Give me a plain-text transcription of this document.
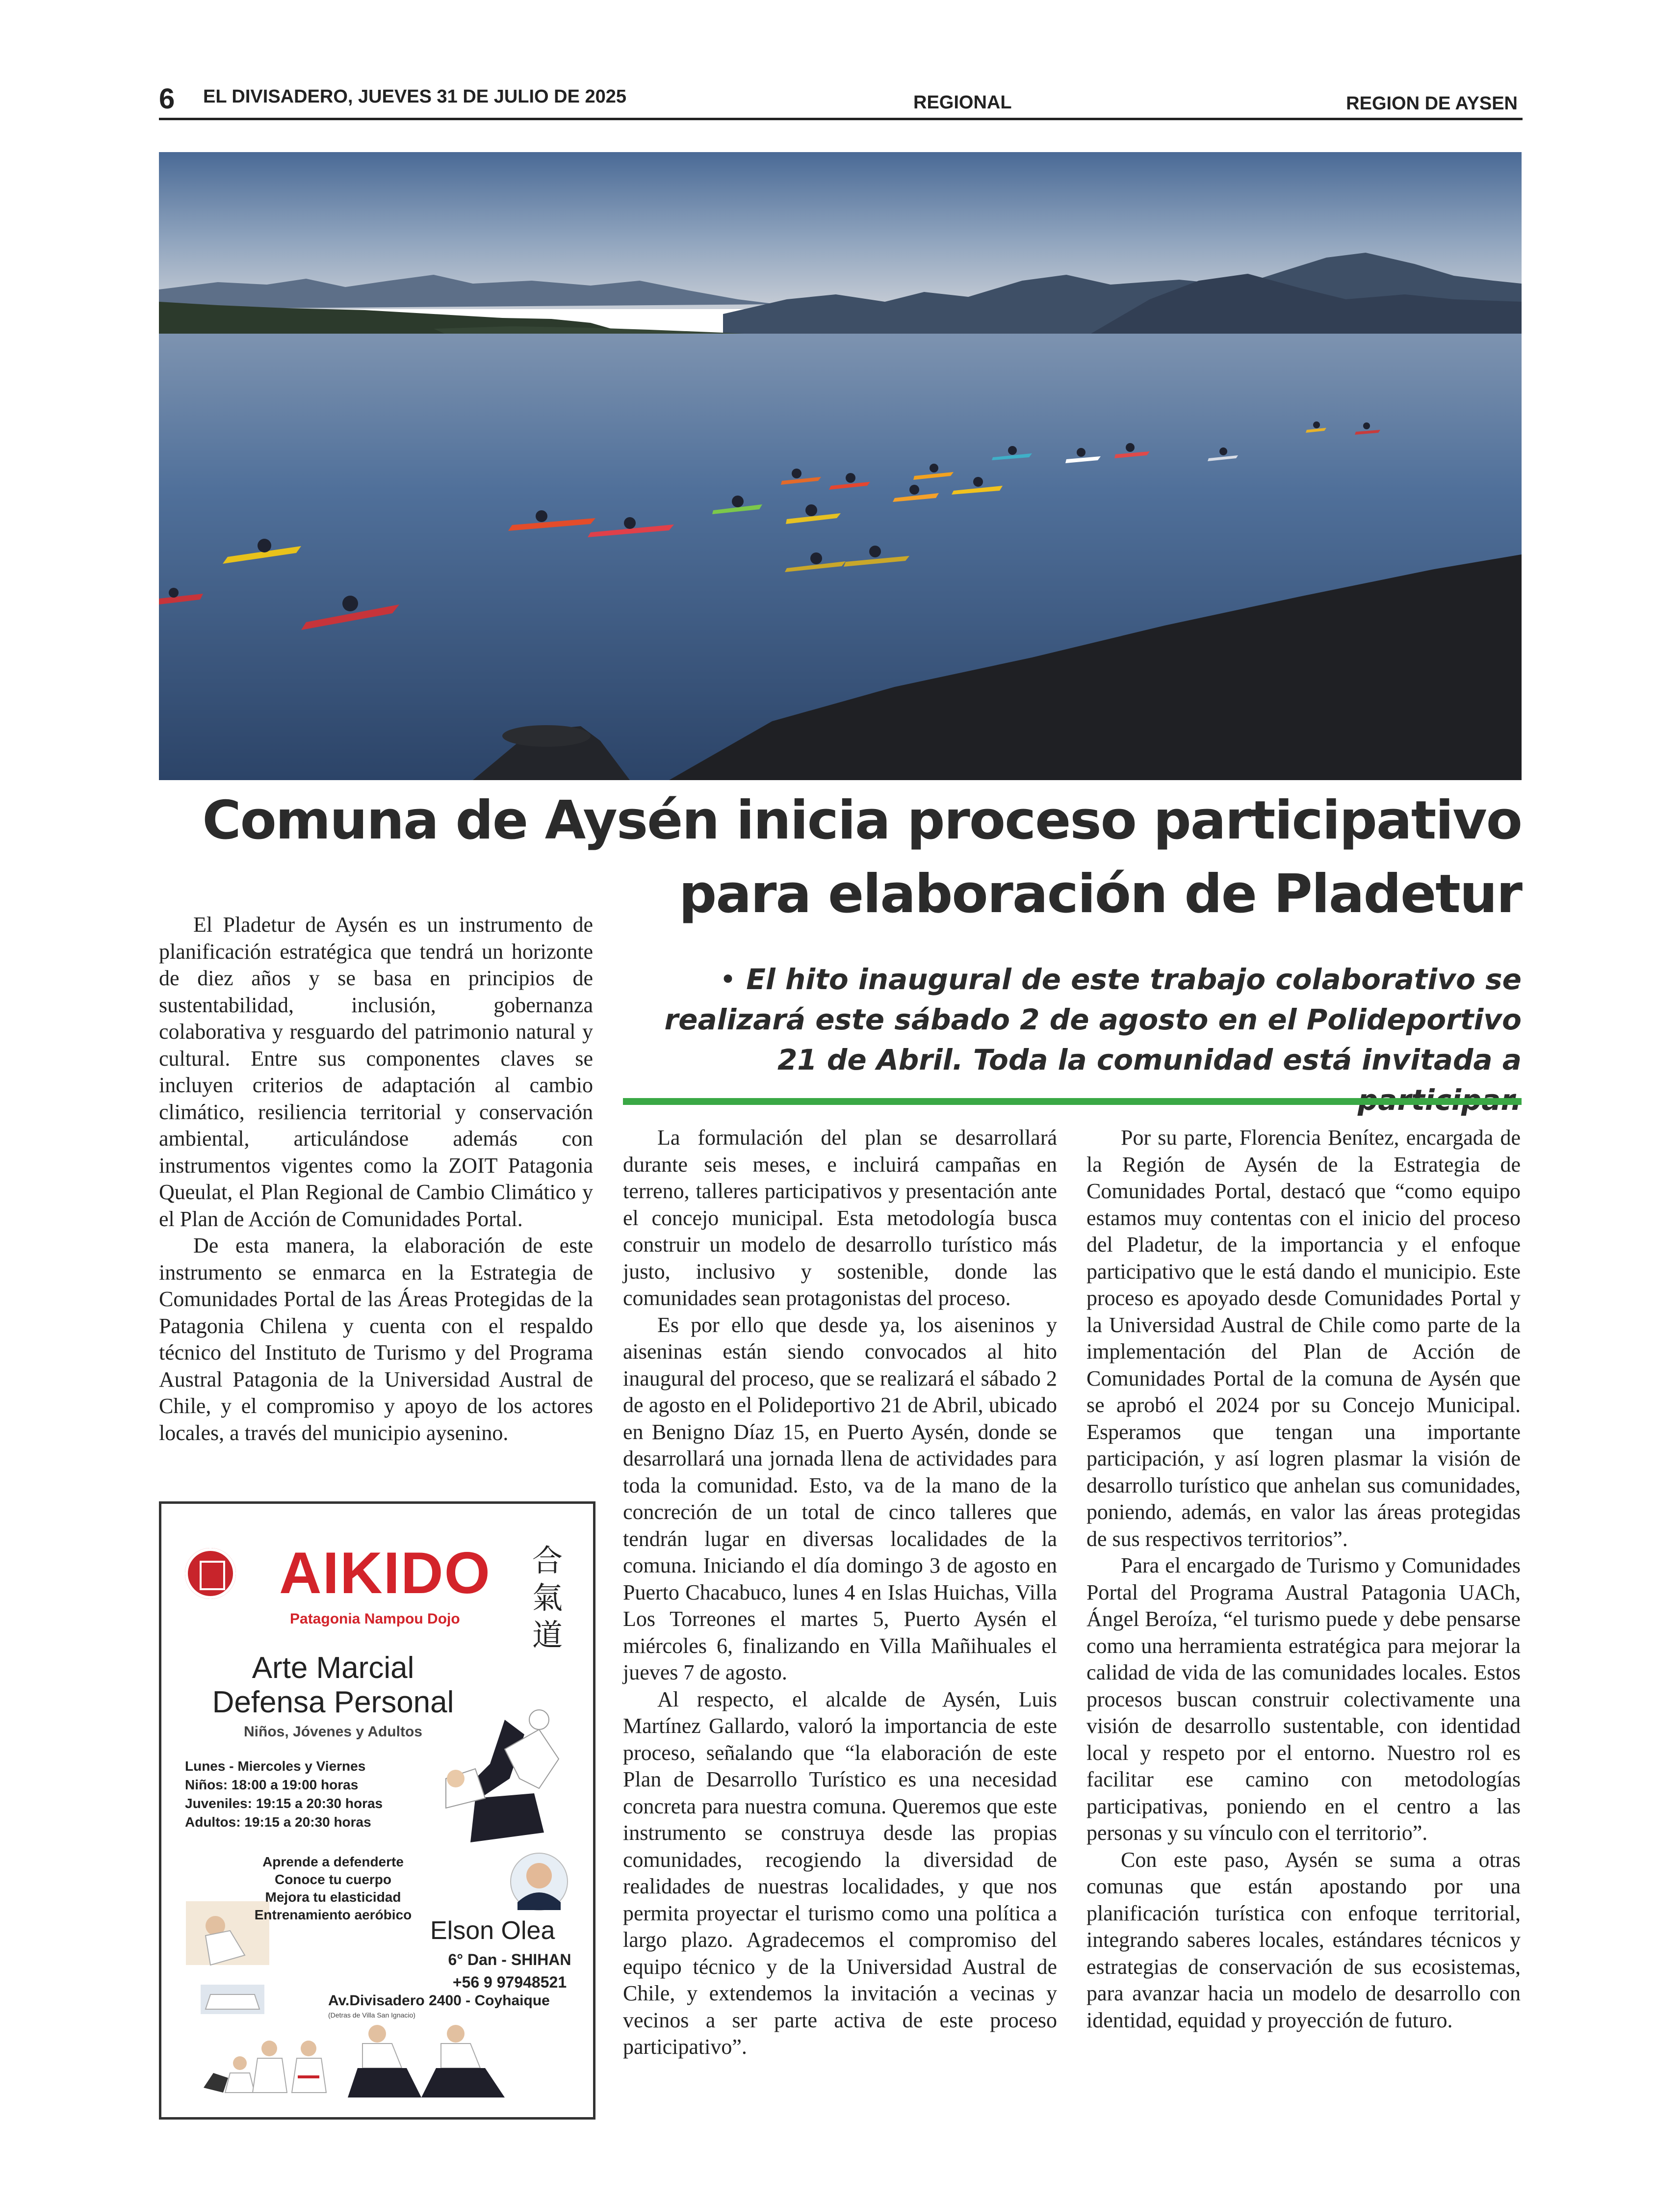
6 EL DIVISADERO, JUEVES 31 DE JULIO DE 2025	REGIONAL	REGION DE AYSEN
Comuna de Aysén inicia proceso participativo para elaboración de Pladetur
• El hito inaugural de este trabajo colaborativo se realizará este sábado 2 de agosto en el Polideportivo 21 de Abril. Toda la comunidad está invitada a

El Pladetur de Aysén es un instrumento de planificación estratégica que tendrá un horizonte de diez años y se basa en principios de sustentabilidad, inclusión, gobernanza colaborativa y resguardo del patrimonio natural y cultural. Entre sus componentes claves se incluyen criterios de adaptación al cambio climático, resiliencia territorial y conservación ambiental, articulándose además con instrumentos vigentes como la ZOIT Patagonia Queulat, el Plan Regional de Cambio Climático y el Plan de Acción de Comunidades Portal.

De esta manera, la elaboración de este instrumento se enmarca en la Estrategia de Comunidades Portal de las Áreas Protegidas de la Patagonia Chilena y cuenta con el respaldo técnico del Instituto de Turismo y del Programa Austral Patagonia de la Universidad Austral de Chile, y el compromiso y apoyo de los actores locales, a través del municipio aysenino.

La formulación del plan se desarrollará durante seis meses, e incluirá campañas en terreno, talleres participativos y presentación ante el concejo municipal. Esta metodología busca construir un modelo de desarrollo turístico más justo, inclusivo y sostenible, donde las comunidades sean protagonistas del proceso.

Es por ello que desde ya, los aiseninos y aiseninas están siendo convocados al hito inaugural del proceso, que se realizará el sábado 2 de agosto en el Polideportivo 21 de Abril, ubicado en Benigno Díaz 15, en Puerto Aysén, donde se desarrollará una jornada llena de actividades para toda la comunidad. Esto, va de la mano de la concreción de un total de cinco talleres que tendrán lugar en diversas localidades de la comuna. Iniciando el día domingo 3 de agosto en Puerto Chacabuco, lunes 4 en Islas Huichas, Villa Los Torreones el martes 5, Puerto Aysén el miércoles 6, finalizando en Villa Mañihuales el jueves 7 de agosto.

Al respecto, el alcalde de Aysén, Luis Martínez Gallardo, valoró la importancia de este proceso, señalando que “la elaboración de este Plan de Desarrollo Turístico es una necesidad concreta para nuestra comuna. Queremos que este instrumento se construya desde las propias comunidades, recogiendo la diversidad de realidades de nuestras localidades, y que nos permita proyectar el turismo como una política a largo plazo. Agradecemos el compromiso del equipo técnico y de la Universidad Austral de Chile, y extendemos la invitación a vecinas y vecinos a ser parte activa de este proceso participativo”.

Por su parte, Florencia Benítez, encargada de la Región de Aysén de la Estrategia de Comunidades Portal, destacó que “como equipo estamos muy contentas con el inicio del proceso del Pladetur, de la importancia y el enfoque participativo que le está dando el municipio. Este proceso es apoyado desde Comunidades Portal y la Universidad Austral de Chile como parte de la implementación del Plan de Acción de Comunidades Portal de la comuna de Aysén que se aprobó el 2024 por su Concejo Municipal. Esperamos que tengan una importante participación, y así logren plasmar la visión de desarrollo turístico que anhelan sus comunidades, poniendo, además, en valor las áreas protegidas de sus respectivos territorios”.

Para el encargado de Turismo y Comunidades Portal del Programa Austral Patagonia UACh, Ángel Beroíza, “el turismo puede y debe pensarse como una herramienta estratégica para mejorar la calidad de vida de las comunidades locales. Estos procesos buscan construir colectivamente una visión de desarrollo sustentable, con identidad local y respeto por el entorno. Nuestro rol es facilitar ese camino con metodologías participativas, poniendo en el centro a las personas y su vínculo con el territorio”.

Con este paso, Aysén se suma a otras comunas que están apostando por una planificación turística con enfoque territorial, integrando saberes locales, estándares técnicos y estrategias de conservación de sus ecosistemas, para avanzar hacia un modelo de desarrollo con identidad, equidad y proyección de futuro.

AIKIDO
Patagonia Nampou Dojo
合
氣
道
Arte Marcial
Defensa Personal
Niños, Jóvenes y Adultos
Lunes - Miercoles y Viernes
Niños: 18:00 a 19:00 horas
Juveniles: 19:15 a 20:30 horas
Adultos: 19:15 a 20:30 horas
Aprende a defenderte
Conoce tu cuerpo
Mejora tu elasticidad
Entrenamiento aeróbico
Elson Olea
6° Dan - SHIHAN
+56 9 97948521
Av.Divisadero 2400 - Coyhaique
(Detras de Villa San Ignacio)
